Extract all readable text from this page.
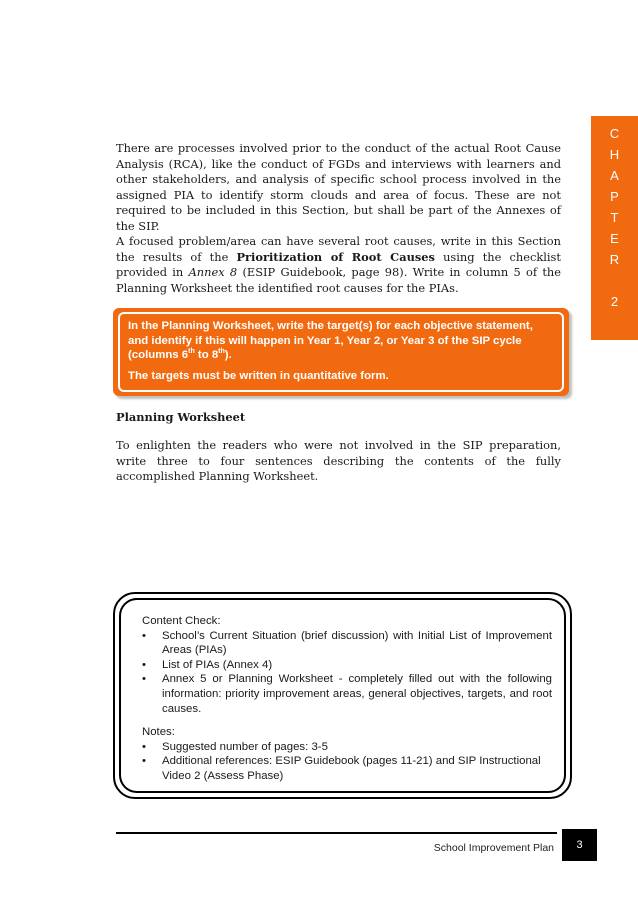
C
H
A
P
T
E
R
2

There are processes involved prior to the conduct of the actual Root Cause Analysis (RCA), like the conduct of FGDs and interviews with learners and other stakeholders, and analysis of specific school process involved in the assigned PIA to identify storm clouds and area of focus. These are not required to be included in this Section, but shall be part of the Annexes of the SIP.

A focused problem/area can have several root causes, write in this Section the results of the Prioritization of Root Causes using the checklist provided in Annex 8 (ESIP Guidebook, page 98). Write in column 5 of the Planning Worksheet the identified root causes for the PIAs.

In the Planning Worksheet, write the target(s) for each objective statement, and identify if this will happen in Year 1, Year 2, or Year 3 of the SIP cycle (columns 6th to 8th).

The targets must be written in quantitative form.

Planning Worksheet

To enlighten the readers who were not involved in the SIP preparation, write three to four sentences describing the contents of the fully accomplished Planning Worksheet.

Content Check:

• School’s Current Situation (brief discussion) with Initial List of Improvement Areas (PIAs)
• List of PIAs (Annex 4)
• Annex 5 or Planning Worksheet - completely filled out with the following information: priority improvement areas, general objectives, targets, and root causes.

Notes:

• Suggested number of pages: 3-5
• Additional references: ESIP Guidebook (pages 11-21) and SIP Instructional Video 2 (Assess Phase)
School Improvement Plan	3
